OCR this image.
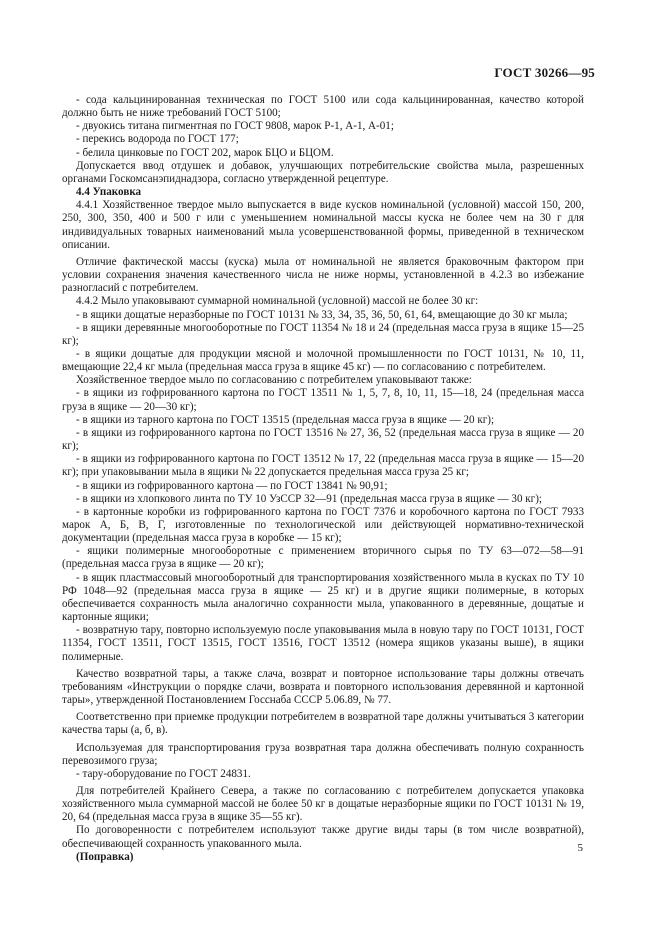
ГОСТ 30266—95

- сода кальцинированная техническая по ГОСТ 5100 или сода кальцинированная, качество которой должно быть не ниже требований ГОСТ 5100;

- двуокись титана пигментная по ГОСТ 9808, марок Р-1, А-1, А-01;

- перекись водорода по ГОСТ 177;

- белила цинковые по ГОСТ 202, марок БЦО и БЦОМ.

Допускается ввод отдушек и добавок, улучшающих потребительские свойства мыла, разрешенных органами Госкомсанэпиднадзора, согласно утвержденной рецептуре.

4.4 Упаковка

4.4.1 Хозяйственное твердое мыло выпускается в виде кусков номинальной (условной) массой 150, 200, 250, 300, 350, 400 и 500 г или с уменьшением номинальной массы куска не более чем на 30 г для индивидуальных товарных наименований мыла усовершенствованной формы, приведенной в техническом описании.

Отличие фактической массы (куска) мыла от номинальной не является браковочным фактором при условии сохранения значения качественного числа не ниже нормы, установленной в 4.2.3 во избежание разногласий с потребителем.

4.4.2 Мыло упаковывают суммарной номинальной (условной) массой не более 30 кг:

- в ящики дощатые неразборные по ГОСТ 10131 № 33, 34, 35, 36, 50, 61, 64, вмещающие до 30 кг мыла;

- в ящики деревянные многооборотные по ГОСТ 11354 № 18 и 24 (предельная масса груза в ящике 15—25 кг);

- в ящики дощатые для продукции мясной и молочной промышленности по ГОСТ 10131, № 10, 11, вмещающие 22,4 кг мыла (предельная масса груза в ящике 45 кг) — по согласованию с потребителем.

Хозяйственное твердое мыло по согласованию с потребителем упаковывают также:

- в ящики из гофрированного картона по ГОСТ 13511 № 1, 5, 7, 8, 10, 11, 15—18, 24 (предельная масса груза в ящике — 20—30 кг);

- в ящики из тарного картона по ГОСТ 13515 (предельная масса груза в ящике — 20 кг);

- в ящики из гофрированного картона по ГОСТ 13516 № 27, 36, 52 (предельная масса груза в ящике — 20 кг);

- в ящики из гофрированного картона по ГОСТ 13512 № 17, 22 (предельная масса груза в ящике — 15—20 кг); при упаковывании мыла в ящики № 22 допускается предельная масса груза 25 кг;

- в ящики из гофрированного картона — по ГОСТ 13841 № 90,91;

- в ящики из хлопкового линта по ТУ 10 УзССР 32—91 (предельная масса груза в ящике — 30 кг);

- в картонные коробки из гофрированного картона по ГОСТ 7376 и коробочного картона по ГОСТ 7933 марок А, Б, В, Г, изготовленные по технологической или действующей нормативно-технической документации (предельная масса груза в коробке — 15 кг);

- ящики полимерные многооборотные с применением вторичного сырья по ТУ 63—072—58—91 (предельная масса груза в ящике — 20 кг);

- в ящик пластмассовый многооборотный для транспортирования хозяйственного мыла в кусках по ТУ 10 РФ 1048—92 (предельная масса груза в ящике — 25 кг) и в другие ящики полимерные, в которых обеспечивается сохранность мыла аналогично сохранности мыла, упакованного в деревянные, дощатые и картонные ящики;

- возвратную тару, повторно используемую после упаковывания мыла в новую тару по ГОСТ 10131, ГОСТ 11354, ГОСТ 13511, ГОСТ 13515, ГОСТ 13516, ГОСТ 13512 (номера ящиков указаны выше), в ящики полимерные.

Качество возвратной тары, а также слача, возврат и повторное использование тары должны отвечать требованиям «Инструкции о порядке слачи, возврата и повторного использования деревянной и картонной тары», утвержденной Постановлением Госснаба СССР 5.06.89, № 77.

Соответственно при приемке продукции потребителем в возвратной таре должны учитываться 3 категории качества тары (а, б, в).

Используемая для транспортирования груза возвратная тара должна обеспечивать полную сохранность перевозимого груза;

- тару-оборудование по ГОСТ 24831.

Для потребителей Крайнего Севера, а также по согласованию с потребителем допускается упаковка хозяйственного мыла суммарной массой не более 50 кг в дощатые неразборные ящики по ГОСТ 10131 № 19, 20, 64 (предельная масса груза в ящике 35—55 кг).

По договоренности с потребителем используют также другие виды тары (в том числе возвратной), обеспечивающей сохранность упакованного мыла.

(Поправка)

5
